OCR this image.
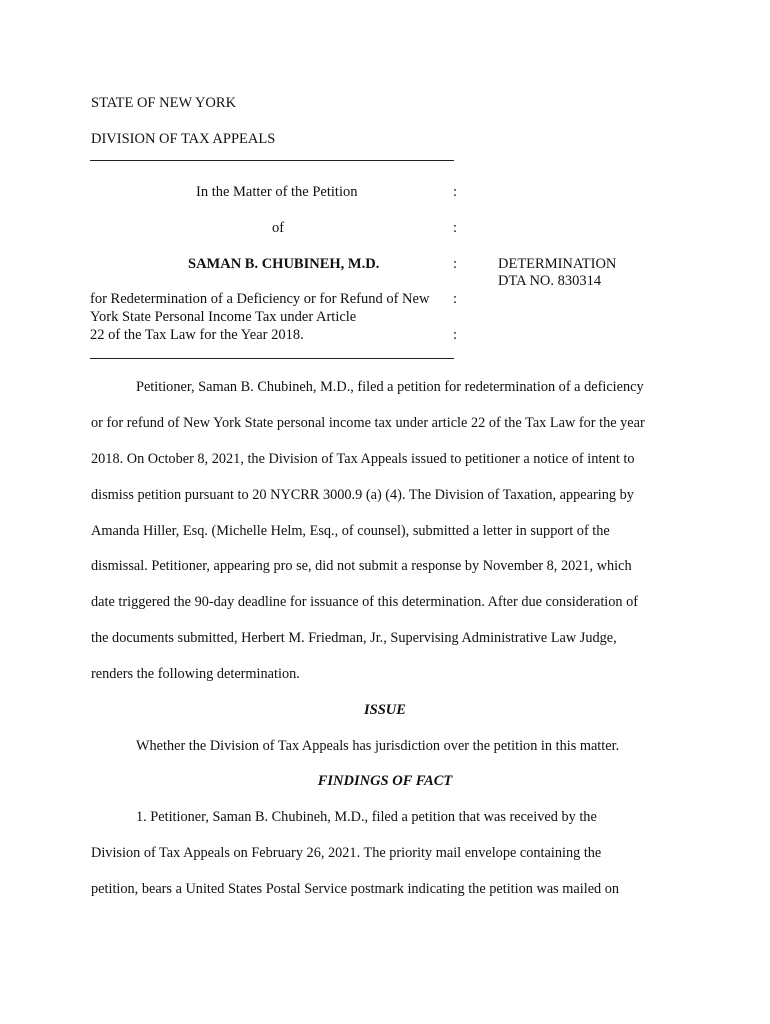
STATE OF NEW YORK
DIVISION OF TAX APPEALS
In the Matter of the Petition	:
of	:
SAMAN B. CHUBINEH, M.D.	:	DETERMINATION
DTA NO. 830314
for Redetermination of a Deficiency or for Refund of New :
York State Personal Income Tax under Article
22 of the Tax Law for the Year 2018.	:
Petitioner, Saman B. Chubineh, M.D., filed a petition for redetermination of a deficiency
or for refund of New York State personal income tax under article 22 of the Tax Law for the year
2018. On October 8, 2021, the Division of Tax Appeals issued to petitioner a notice of intent to
dismiss petition pursuant to 20 NYCRR 3000.9 (a) (4). The Division of Taxation, appearing by
Amanda Hiller, Esq. (Michelle Helm, Esq., of counsel), submitted a letter in support of the
dismissal. Petitioner, appearing pro se, did not submit a response by November 8, 2021, which
date triggered the 90-day deadline for issuance of this determination. After due consideration of
the documents submitted, Herbert M. Friedman, Jr., Supervising Administrative Law Judge,
renders the following determination.
ISSUE
Whether the Division of Tax Appeals has jurisdiction over the petition in this matter.
FINDINGS OF FACT
1. Petitioner, Saman B. Chubineh, M.D., filed a petition that was received by the
Division of Tax Appeals on February 26, 2021. The priority mail envelope containing the
petition, bears a United States Postal Service postmark indicating the petition was mailed on
